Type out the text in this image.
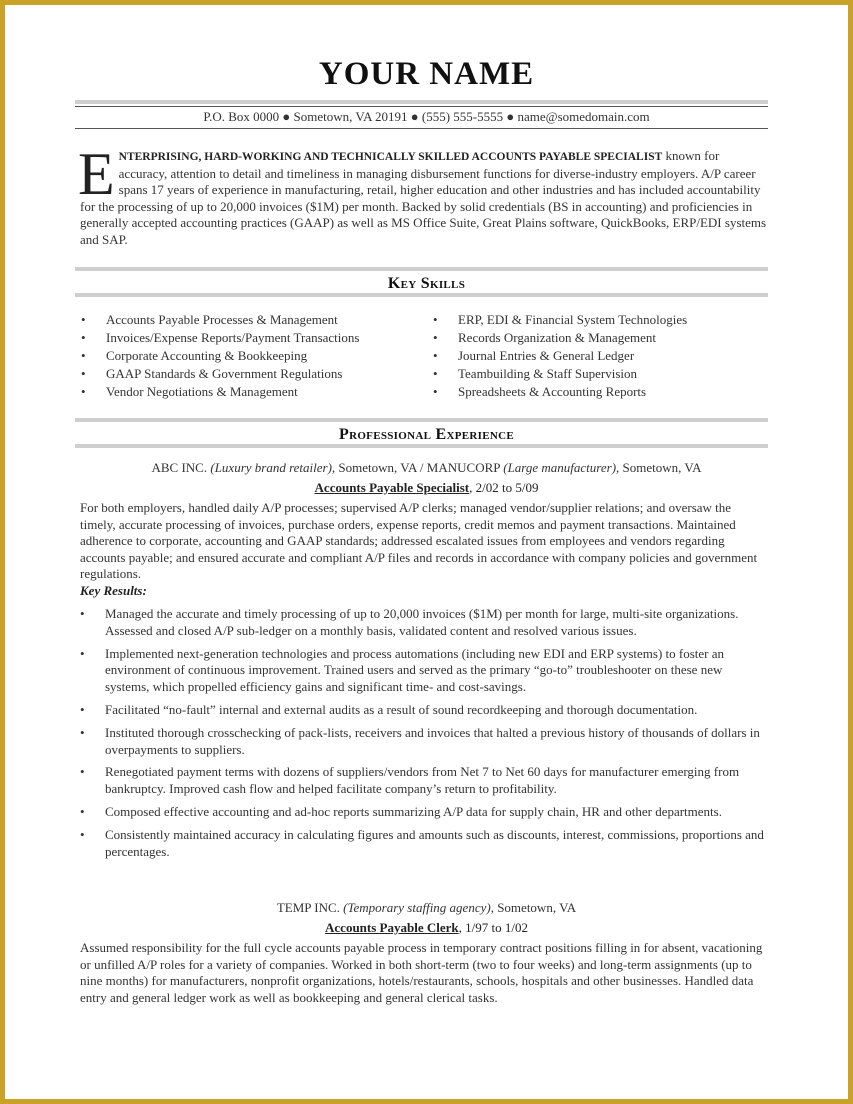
YOUR NAME
P.O. Box 0000 ● Sometown, VA 20191 ● (555) 555-5555 ● name@somedomain.com
ENTERPRISING, HARD-WORKING AND TECHNICALLY SKILLED ACCOUNTS PAYABLE SPECIALIST known for accuracy, attention to detail and timeliness in managing disbursement functions for diverse-industry employers. A/P career spans 17 years of experience in manufacturing, retail, higher education and other industries and has included accountability for the processing of up to 20,000 invoices ($1M) per month. Backed by solid credentials (BS in accounting) and proficiencies in generally accepted accounting practices (GAAP) as well as MS Office Suite, Great Plains software, QuickBooks, ERP/EDI systems and SAP.
Key Skills
• Accounts Payable Processes & Management
• Invoices/Expense Reports/Payment Transactions
• Corporate Accounting & Bookkeeping
• GAAP Standards & Government Regulations
• Vendor Negotiations & Management
• ERP, EDI & Financial System Technologies
• Records Organization & Management
• Journal Entries & General Ledger
• Teambuilding & Staff Supervision
• Spreadsheets & Accounting Reports
Professional Experience
ABC INC. (Luxury brand retailer), Sometown, VA / MANUCORP (Large manufacturer), Sometown, VA
Accounts Payable Specialist, 2/02 to 5/09
For both employers, handled daily A/P processes; supervised A/P clerks; managed vendor/supplier relations; and oversaw the timely, accurate processing of invoices, purchase orders, expense reports, credit memos and payment transactions. Maintained adherence to corporate, accounting and GAAP standards; addressed escalated issues from employees and vendors regarding accounts payable; and ensured accurate and compliant A/P files and records in accordance with company policies and government regulations.
Key Results:
• Managed the accurate and timely processing of up to 20,000 invoices ($1M) per month for large, multi-site organizations. Assessed and closed A/P sub-ledger on a monthly basis, validated content and resolved various issues.
• Implemented next-generation technologies and process automations (including new EDI and ERP systems) to foster an environment of continuous improvement. Trained users and served as the primary “go-to” troubleshooter on these new systems, which propelled efficiency gains and significant time- and cost-savings.
• Facilitated “no-fault” internal and external audits as a result of sound recordkeeping and thorough documentation.
• Instituted thorough crosschecking of pack-lists, receivers and invoices that halted a previous history of thousands of dollars in overpayments to suppliers.
• Renegotiated payment terms with dozens of suppliers/vendors from Net 7 to Net 60 days for manufacturer emerging from bankruptcy. Improved cash flow and helped facilitate company’s return to profitability.
• Composed effective accounting and ad-hoc reports summarizing A/P data for supply chain, HR and other departments.
• Consistently maintained accuracy in calculating figures and amounts such as discounts, interest, commissions, proportions and percentages.
TEMP INC. (Temporary staffing agency), Sometown, VA
Accounts Payable Clerk, 1/97 to 1/02
Assumed responsibility for the full cycle accounts payable process in temporary contract positions filling in for absent, vacationing or unfilled A/P roles for a variety of companies. Worked in both short-term (two to four weeks) and long-term assignments (up to nine months) for manufacturers, nonprofit organizations, hotels/restaurants, schools, hospitals and other businesses. Handled data entry and general ledger work as well as bookkeeping and general clerical tasks.
